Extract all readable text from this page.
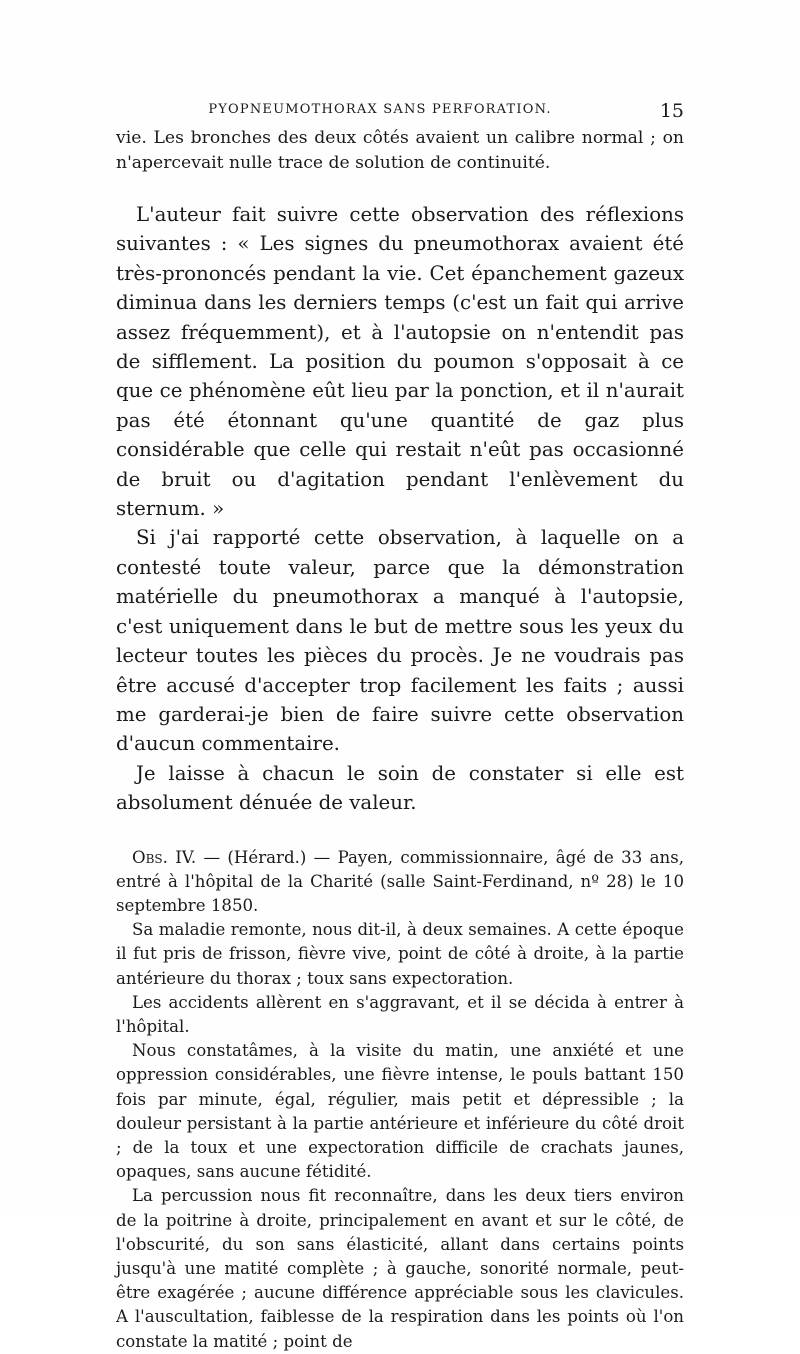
PYOPNEUMOTHORAX SANS PERFORATION.	15

vie. Les bronches des deux côtés avaient un calibre normal ; on n'apercevait nulle trace de solution de continuité.

L'auteur fait suivre cette observation des réflexions suivantes : « Les signes du pneumothorax avaient été très-prononcés pendant la vie. Cet épanchement gazeux diminua dans les derniers temps (c'est un fait qui arrive assez fréquemment), et à l'autopsie on n'entendit pas de sifflement. La position du poumon s'opposait à ce que ce phénomène eût lieu par la ponction, et il n'aurait pas été étonnant qu'une quantité de gaz plus considérable que celle qui restait n'eût pas occasionné de bruit ou d'agitation pendant l'enlèvement du sternum. »

Si j'ai rapporté cette observation, à laquelle on a contesté toute valeur, parce que la démonstration matérielle du pneumothorax a manqué à l'autopsie, c'est uniquement dans le but de mettre sous les yeux du lecteur toutes les pièces du procès. Je ne voudrais pas être accusé d'accepter trop facilement les faits ; aussi me garderai-je bien de faire suivre cette observation d'aucun commentaire.

Je laisse à chacun le soin de constater si elle est absolument dénuée de valeur.

Obs. IV. — (Hérard.) — Payen, commissionnaire, âgé de 33 ans, entré à l'hôpital de la Charité (salle Saint-Ferdinand, nº 28) le 10 septembre 1850.

Sa maladie remonte, nous dit-il, à deux semaines. A cette époque il fut pris de frisson, fièvre vive, point de côté à droite, à la partie antérieure du thorax ; toux sans expectoration.

Les accidents allèrent en s'aggravant, et il se décida à entrer à l'hôpital.

Nous constatâmes, à la visite du matin, une anxiété et une oppression considérables, une fièvre intense, le pouls battant 150 fois par minute, égal, régulier, mais petit et dépressible ; la douleur persistant à la partie antérieure et inférieure du côté droit ; de la toux et une expectoration difficile de crachats jaunes, opaques, sans aucune fétidité.

La percussion nous fit reconnaître, dans les deux tiers environ de la poitrine à droite, principalement en avant et sur le côté, de l'obscurité, du son sans élasticité, allant dans certains points jusqu'à une matité complète ; à gauche, sonorité normale, peut-être exagérée ; aucune différence appréciable sous les clavicules. A l'auscultation, faiblesse de la respiration dans les points où l'on constate la matité ; point de
